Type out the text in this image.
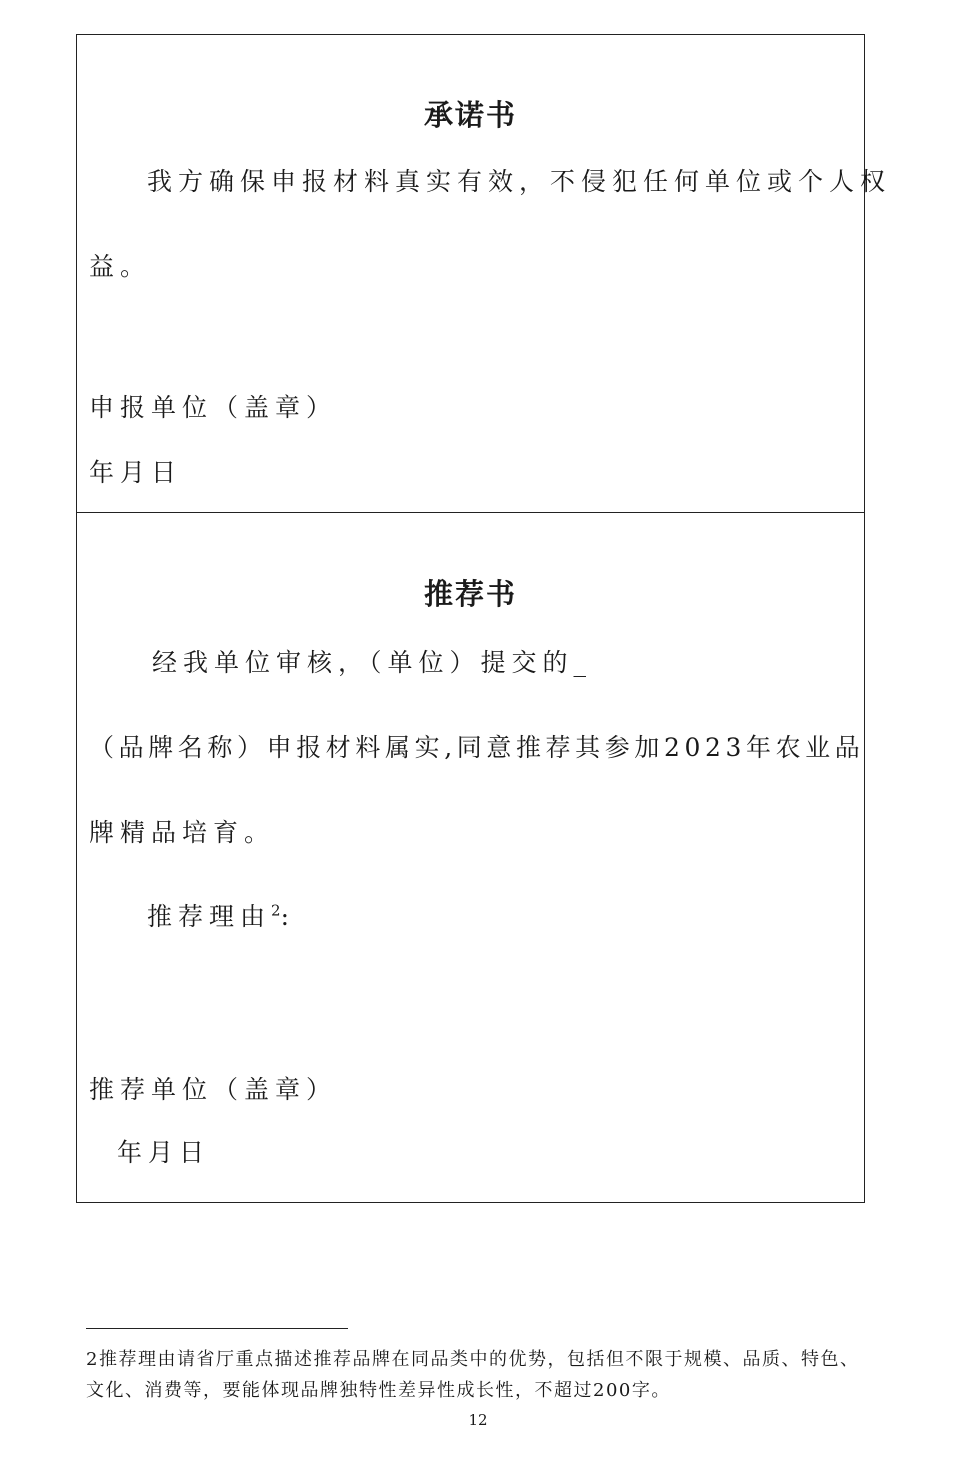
承诺书
我方确保申报材料真实有效，不侵犯任何单位或个人权
益。
申报单位（盖章）
年月日
推荐书
经我单位审核，（单位）提交的_
（品牌名称）申报材料属实,同意推荐其参加2023年农业品
牌精品培育。
推荐理由$^2$:
推荐单位（盖章）
年月日
2推荐理由请省厅重点描述推荐品牌在同品类中的优势，包括但不限于规模、品质、特色、
文化、消费等，要能体现品牌独特性差异性成长性，不超过200字。
12
